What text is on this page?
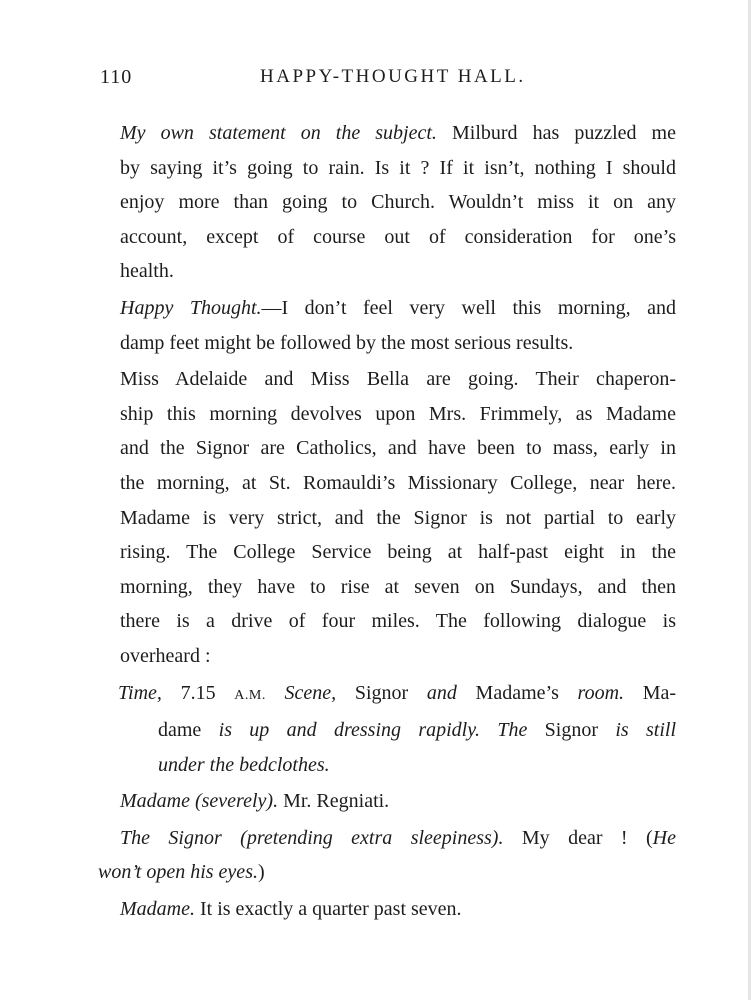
110	HAPPY-THOUGHT HALL.

My own statement on the subject. Milburd has puzzled me
by saying it’s going to rain. Is it ? If it isn’t, nothing I should
enjoy more than going to Church. Wouldn’t miss it on any
account, except of course out of consideration for one’s
health.

Happy Thought.—I don’t feel very well this morning, and
damp feet might be followed by the most serious results.

Miss Adelaide and Miss Bella are going. Their chaperon-
ship this morning devolves upon Mrs. Frimmely, as Madame
and the Signor are Catholics, and have been to mass, early in
the morning, at St. Romauldi’s Missionary College, near here.
Madame is very strict, and the Signor is not partial to early
rising. The College Service being at half-past eight in the
morning, they have to rise at seven on Sundays, and then
there is a drive of four miles. The following dialogue is
overheard :

Time, 7.15 A.M. Scene, Signor and Madame’s room. Ma-
dame is up and dressing rapidly. The Signor is still
under the bedclothes.

Madame (severely). Mr. Regniati.

The Signor (pretending extra sleepiness). My dear ! (He
won’t open his eyes.)

Madame. It is exactly a quarter past seven.
